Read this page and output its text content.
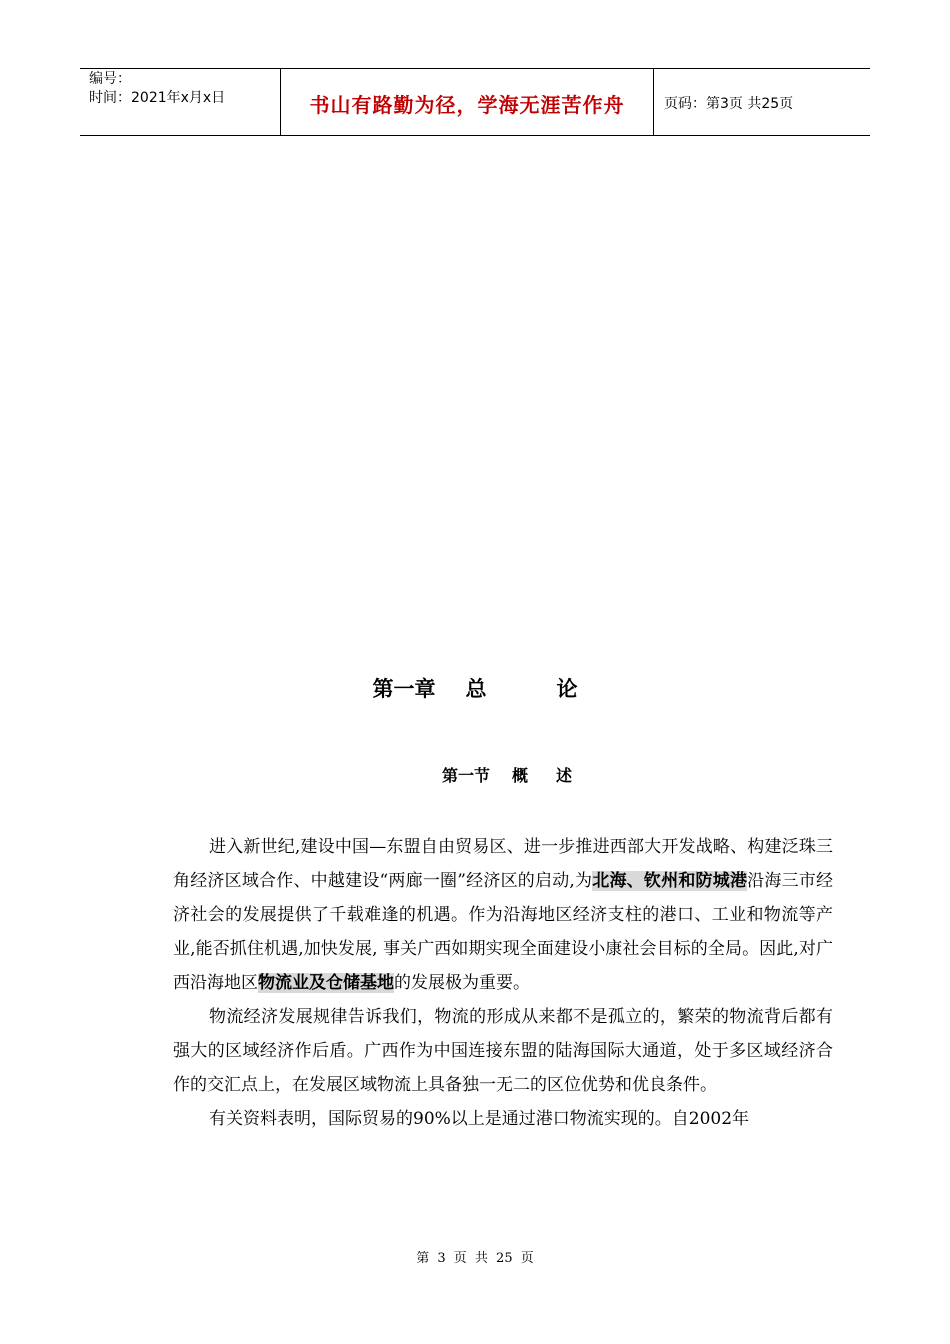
编号：
时间：2021年x月x日	书山有路勤为径，学海无涯苦作舟	页码：第3页 共25页
第一章 总	论
第一节 概 述

进入新世纪,建设中国—东盟自由贸易区、进一步推进西部大开发战略、构建泛珠三角经济区域合作、中越建设“两廊一圈”经济区的启动,为北海、钦州和防城港沿海三市经济社会的发展提供了千载难逢的机遇。作为沿海地区经济支柱的港口、工业和物流等产业,能否抓住机遇,加快发展, 事关广西如期实现全面建设小康社会目标的全局。因此,对广西沿海地区物流业及仓储基地的发展极为重要。

物流经济发展规律告诉我们，物流的形成从来都不是孤立的，繁荣的物流背后都有强大的区域经济作后盾。广西作为中国连接东盟的陆海国际大通道，处于多区域经济合作的交汇点上，在发展区域物流上具备独一无二的区位优势和优良条件。

有关资料表明，国际贸易的90%以上是通过港口物流实现的。自2002年

第 3 页 共 25 页
